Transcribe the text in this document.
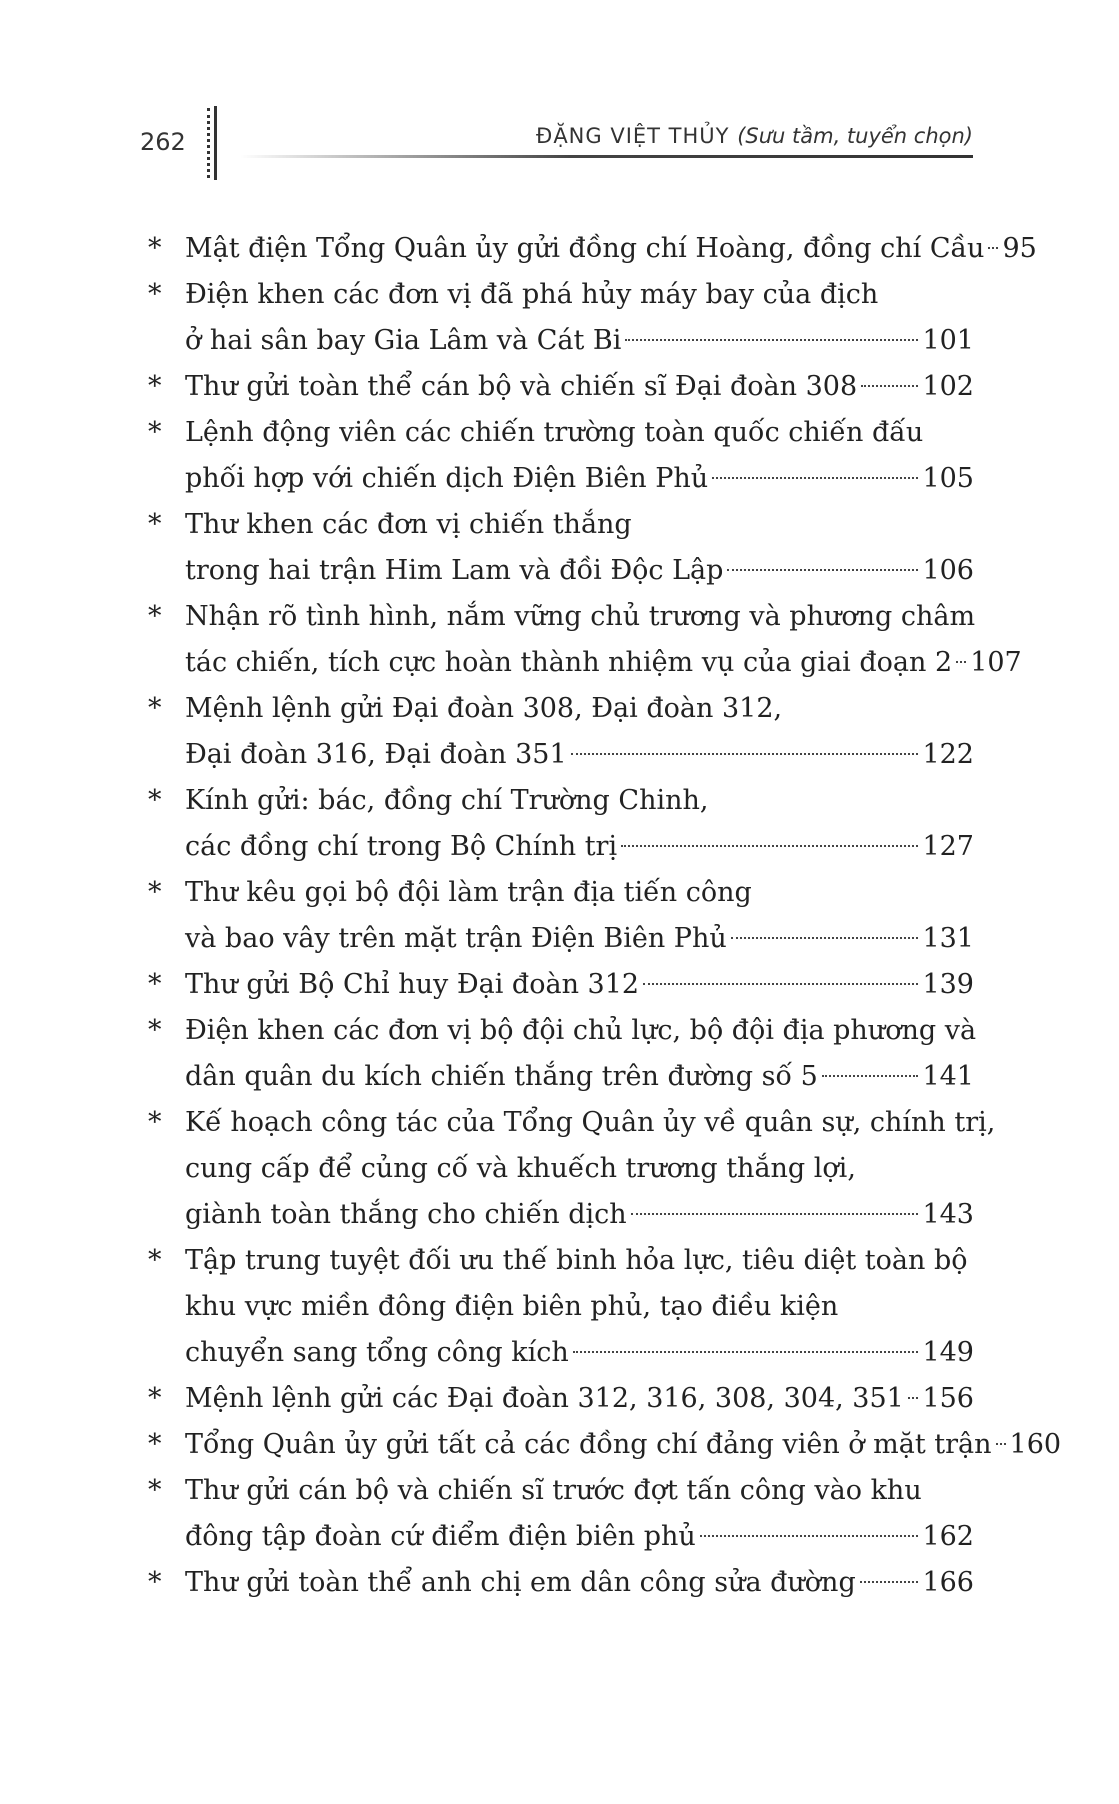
262	ĐẶNG VIỆT THỦY (Sưu tầm, tuyển chọn)
* Mật điện Tổng Quân ủy gửi đồng chí Hoàng, đồng chí Cầu 95
* Điện khen các đơn vị đã phá hủy máy bay của địch
ở hai sân bay Gia Lâm và Cát Bi	101
* Thư gửi toàn thể cán bộ và chiến sĩ Đại đoàn 308 102
* Lệnh động viên các chiến trường toàn quốc chiến đấu
phối hợp với chiến dịch Điện Biên Phủ	105
* Thư khen các đơn vị chiến thắng
trong hai trận Him Lam và đồi Độc Lập	106
* Nhận rõ tình hình, nắm vững chủ trương và phương châm
tác chiến, tích cực hoàn thành nhiệm vụ của giai đoạn 2 107
* Mệnh lệnh gửi Đại đoàn 308, Đại đoàn 312,
Đại đoàn 316, Đại đoàn 351	122
* Kính gửi: bác, đồng chí Trường Chinh,
các đồng chí trong Bộ Chính trị	127
* Thư kêu gọi bộ đội làm trận địa tiến công
và bao vây trên mặt trận Điện Biên Phủ	131
* Thư gửi Bộ Chỉ huy Đại đoàn 312	139
* Điện khen các đơn vị bộ đội chủ lực, bộ đội địa phương và
dân quân du kích chiến thắng trên đường số 5	141
* Kế hoạch công tác của Tổng Quân ủy về quân sự, chính trị,
cung cấp để củng cố và khuếch trương thắng lợi,
giành toàn thắng cho chiến dịch	143
* Tập trung tuyệt đối ưu thế binh hỏa lực, tiêu diệt toàn bộ
khu vực miền đông điện biên phủ, tạo điều kiện
chuyển sang tổng công kích	149
* Mệnh lệnh gửi các Đại đoàn 312, 316, 308, 304, 351 156
* Tổng Quân ủy gửi tất cả các đồng chí đảng viên ở mặt trận 160
* Thư gửi cán bộ và chiến sĩ trước đợt tấn công vào khu
đông tập đoàn cứ điểm điện biên phủ	162
* Thư gửi toàn thể anh chị em dân công sửa đường 166
